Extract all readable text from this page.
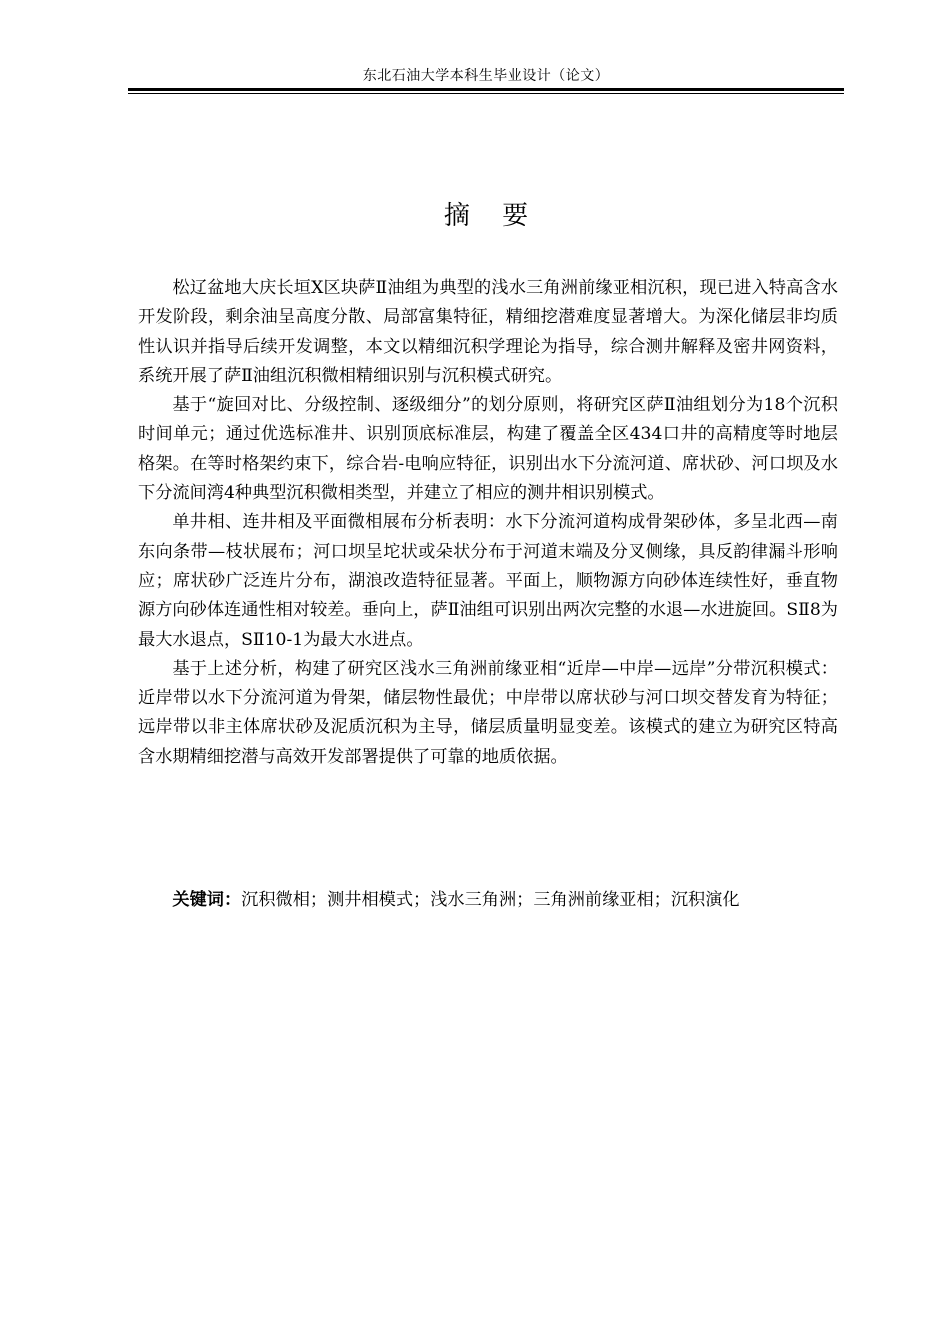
东北石油大学本科生毕业设计（论文）
摘 要

松辽盆地大庆长垣X区块萨Ⅱ油组为典型的浅水三角洲前缘亚相沉积，现已进入特高含水开发阶段，剩余油呈高度分散、局部富集特征，精细挖潜难度显著增大。为深化储层非均质性认识并指导后续开发调整，本文以精细沉积学理论为指导，综合测井解释及密井网资料，系统开展了萨Ⅱ油组沉积微相精细识别与沉积模式研究。

基于“旋回对比、分级控制、逐级细分”的划分原则，将研究区萨Ⅱ油组划分为18个沉积时间单元；通过优选标准井、识别顶底标准层，构建了覆盖全区434口井的高精度等时地层格架。在等时格架约束下，综合岩-电响应特征，识别出水下分流河道、席状砂、河口坝及水下分流间湾4种典型沉积微相类型，并建立了相应的测井相识别模式。

单井相、连井相及平面微相展布分析表明：水下分流河道构成骨架砂体，多呈北西—南东向条带—枝状展布；河口坝呈坨状或朵状分布于河道末端及分叉侧缘，具反韵律漏斗形响应；席状砂广泛连片分布，湖浪改造特征显著。平面上，顺物源方向砂体连续性好，垂直物源方向砂体连通性相对较差。垂向上，萨Ⅱ油组可识别出两次完整的水退—水进旋回。SⅡ8为最大水退点，SⅡ10-1为最大水进点。

基于上述分析，构建了研究区浅水三角洲前缘亚相“近岸—中岸—远岸”分带沉积模式：近岸带以水下分流河道为骨架，储层物性最优；中岸带以席状砂与河口坝交替发育为特征；远岸带以非主体席状砂及泥质沉积为主导，储层质量明显变差。该模式的建立为研究区特高含水期精细挖潜与高效开发部署提供了可靠的地质依据。

关键词：沉积微相；测井相模式；浅水三角洲；三角洲前缘亚相；沉积演化
